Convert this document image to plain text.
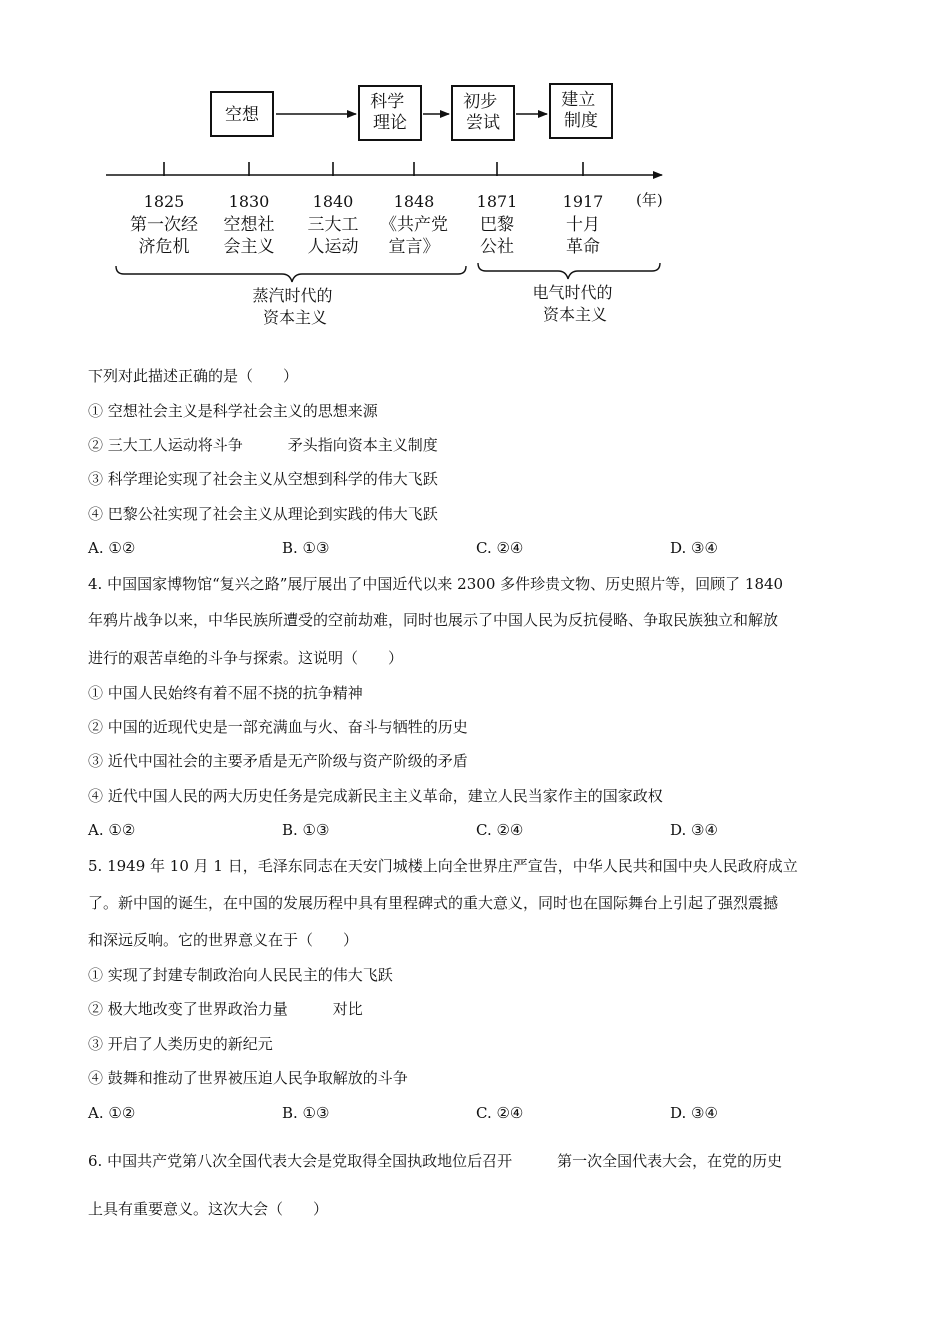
空想
科学 理论
初步 尝试
建立 制度
(年)
1825
第一次经济危机
1830
空想社会主义
1840
三大工人运动
1848
《共产党宣言》
1871
巴黎公社
1917
十月革命
蒸汽时代的 资本主义
电气时代的 资本主义
下列对此描述正确的是（　　）
① 空想社会主义是科学社会主义的思想来源
② 三大工人运动将斗争　　　矛头指向资本主义制度
③ 科学理论实现了社会主义从空想到科学的伟大飞跃
④ 巴黎公社实现了社会主义从理论到实践的伟大飞跃
A. ①②	B. ①③	C. ②④	D. ③④
4. 中国国家博物馆“复兴之路”展厅展出了中国近代以来 2300 多件珍贵文物、历史照片等，回顾了 1840
年鸦片战争以来，中华民族所遭受的空前劫难，同时也展示了中国人民为反抗侵略、争取民族独立和解放
进行的艰苦卓绝的斗争与探索。这说明（　　）
① 中国人民始终有着不屈不挠的抗争精神
② 中国的近现代史是一部充满血与火、奋斗与牺牲的历史
③ 近代中国社会的主要矛盾是无产阶级与资产阶级的矛盾
④ 近代中国人民的两大历史任务是完成新民主主义革命，建立人民当家作主的国家政权
A. ①②	B. ①③	C. ②④	D. ③④
5. 1949 年 10 月 1 日，毛泽东同志在天安门城楼上向全世界庄严宣告，中华人民共和国中央人民政府成立
了。新中国的诞生，在中国的发展历程中具有里程碑式的重大意义，同时也在国际舞台上引起了强烈震撼
和深远反响。它的世界意义在于（　　）
① 实现了封建专制政治向人民民主的伟大飞跃
② 极大地改变了世界政治力量　　　对比
③ 开启了人类历史的新纪元
④ 鼓舞和推动了世界被压迫人民争取解放的斗争
A. ①②	B. ①③	C. ②④	D. ③④
6. 中国共产党第八次全国代表大会是党取得全国执政地位后召开　　　第一次全国代表大会，在党的历史
上具有重要意义。这次大会（　　）
